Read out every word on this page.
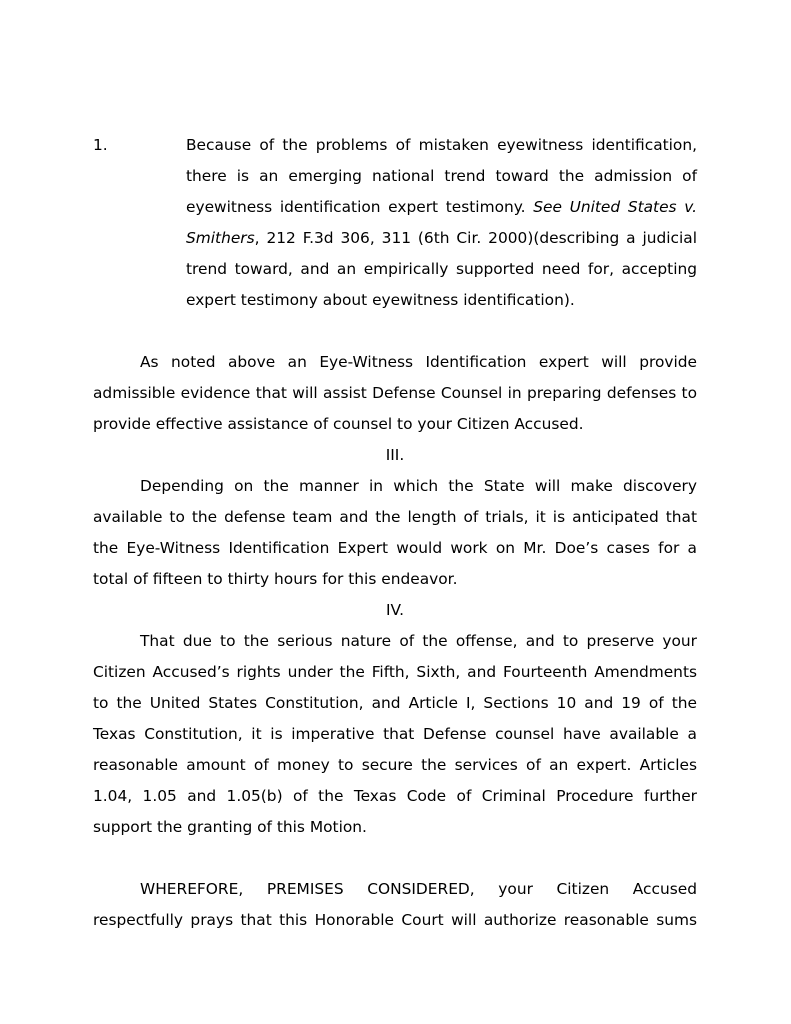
1.	Because of the problems of mistaken eyewitness identification, there is an emerging national trend toward the admission of eyewitness identification expert testimony. See United States v. Smithers, 212 F.3d 306, 311 (6th Cir. 2000)(describing a judicial trend toward, and an empirically supported need for, accepting expert testimony about eyewitness identification).

As noted above an Eye-Witness Identification expert will provide admissible evidence that will assist Defense Counsel in preparing defenses to provide effective assistance of counsel to your Citizen Accused.

III.

Depending on the manner in which the State will make discovery available to the defense team and the length of trials, it is anticipated that the Eye-Witness Identification Expert would work on Mr. Doe’s cases for a total of fifteen to thirty hours for this endeavor.

IV.

That due to the serious nature of the offense, and to preserve your Citizen Accused’s rights under the Fifth, Sixth, and Fourteenth Amendments to the United States Constitution, and Article I, Sections 10 and 19 of the Texas Constitution, it is imperative that Defense counsel have available a reasonable amount of money to secure the services of an expert. Articles 1.04, 1.05 and 1.05(b) of the Texas Code of Criminal Procedure further support the granting of this Motion.

WHEREFORE, PREMISES CONSIDERED, your Citizen Accused respectfully prays that this Honorable Court will authorize reasonable sums
